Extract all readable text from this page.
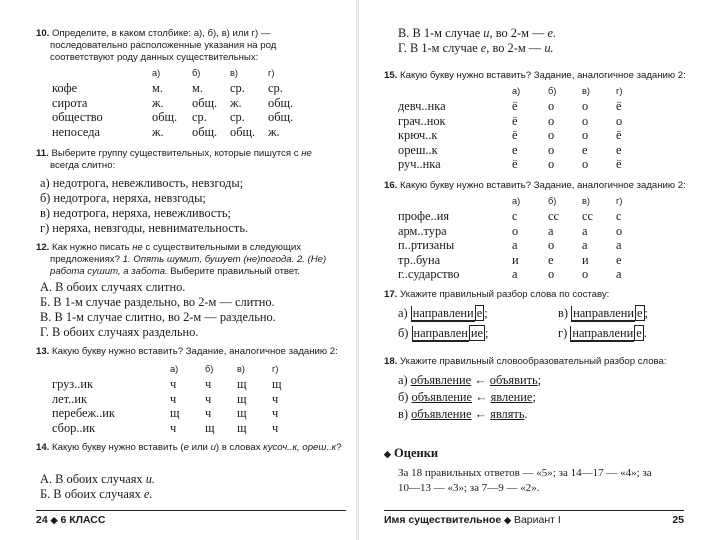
10. Определите, в каком столбике: а), б), в) или г) — последовательно расположенные указания на род соответствуют роду данных существительных:
	а)	б)	в)	г)
кофе	м.	м.	ср.	ср.
сирота	ж.	общ.	ж.	общ.
общество	общ.	ср.	ср.	общ.
непоседа	ж.	общ.	общ.	ж.
11. Выберите группу существительных, которые пишутся с не всегда слитно:
а) недотрога, невежливость, невзгоды;
б) недотрога, неряха, невзгоды;
в) недотрога, неряха, невежливость;
г) неряха, невзгоды, невнимательность.
12. Как нужно писать не с существительными в следующих предложениях? 1. Опять шумит, бушует (не)погода. 2. (Не) работа сушит, а забота. Выберите правильный ответ.
А. В обоих случаях слитно.
Б. В 1-м случае раздельно, во 2-м — слитно.
В. В 1-м случае слитно, во 2-м — раздельно.
Г. В обоих случаях раздельно.
13. Какую букву нужно вставить? Задание, аналогичное заданию 2:
	а)	б)	в)	г)
груз..ик	ч	ч	щ	щ
лет..ик	ч	ч	щ	ч
перебеж..ик	щ	ч	щ	ч
сбор..ик	ч	щ	щ	ч
14. Какую букву нужно вставить (е или и) в словах кусоч..к, ореш..к?
А. В обоих случаях и.
Б. В обоих случаях е.
24 ◆ 6 КЛАСС
В. В 1-м случае и, во 2-м — е.
Г. В 1-м случае е, во 2-м — и.
15. Какую букву нужно вставить? Задание, аналогичное заданию 2:
	а)	б)	в)	г)
девч..нка	ё	о	о	ё
грач..нок	ё	о	о	о
крюч..к	ё	о	о	ё
ореш..к	е	о	е	е
руч..нка	ё	о	о	ё
16. Какую букву нужно вставить? Задание, аналогичное заданию 2:
	а)	б)	в)	г)
профе..ия	с	сс	сс	с
арм..тура	о	а	а	о
п..ртизаны	а	о	а	а
тр..буна	и	е	и	е
г..сударство	а	о	о	а
17. Укажите правильный разбор слова по составу:
а) направлени е ;	в) направлени е ;
б) направлен ие ;	г) направлени е .
18. Укажите правильный словообразовательный разбор слова:
а) объявление ← объявить;
б) объявление ← явление;
в) объявление ← являть.
◆ Оценки
За 18 правильных ответов — «5»; за 14—17 — «4»; за
10—13 — «3»; за 7—9 — «2».
Имя существительное ◆ Вариант I	25
